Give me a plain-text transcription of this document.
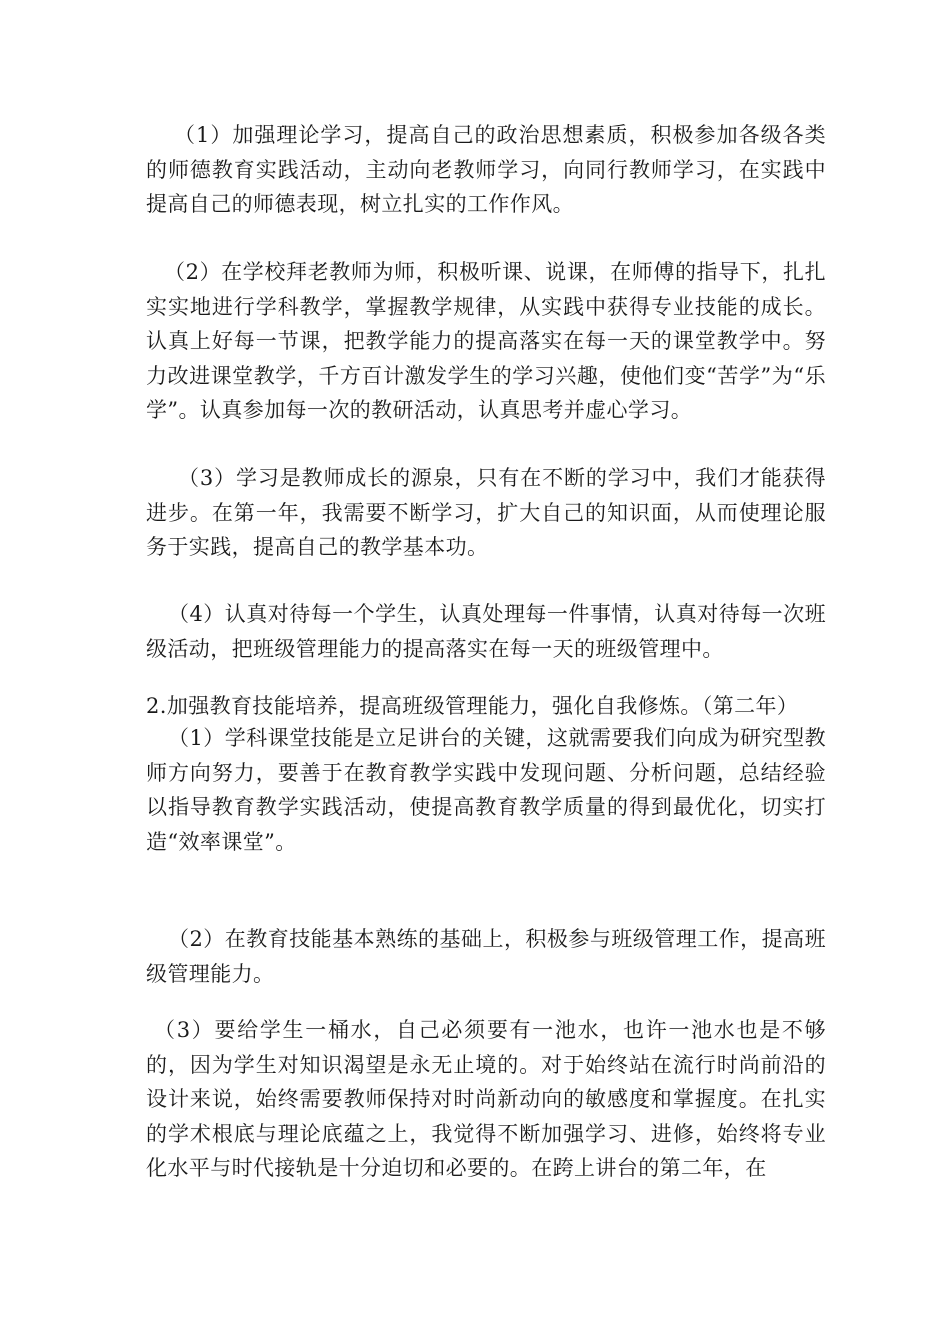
（1）加强理论学习，提高自己的政治思想素质，积极参加各级各类的师德教育实践活动，主动向老教师学习，向同行教师学习，在实践中提高自己的师德表现，树立扎实的工作作风。

（2）在学校拜老教师为师，积极听课、说课，在师傅的指导下，扎扎实实地进行学科教学，掌握教学规律，从实践中获得专业技能的成长。认真上好每一节课，把教学能力的提高落实在每一天的课堂教学中。努力改进课堂教学，千方百计激发学生的学习兴趣，使他们变“苦学”为“乐学”。认真参加每一次的教研活动，认真思考并虚心学习。

（3）学习是教师成长的源泉，只有在不断的学习中，我们才能获得进步。在第一年，我需要不断学习，扩大自己的知识面，从而使理论服务于实践，提高自己的教学基本功。

（4）认真对待每一个学生，认真处理每一件事情，认真对待每一次班级活动，把班级管理能力的提高落实在每一天的班级管理中。

2.加强教育技能培养，提高班级管理能力，强化自我修炼。（第二年）

（1）学科课堂技能是立足讲台的关键，这就需要我们向成为研究型教师方向努力，要善于在教育教学实践中发现问题、分析问题，总结经验以指导教育教学实践活动，使提高教育教学质量的得到最优化，切实打造“效率课堂”。

（2）在教育技能基本熟练的基础上，积极参与班级管理工作，提高班级管理能力。

（3）要给学生一桶水，自己必须要有一池水，也许一池水也是不够的，因为学生对知识渴望是永无止境的。对于始终站在流行时尚前沿的设计来说，始终需要教师保持对时尚新动向的敏感度和掌握度。在扎实的学术根底与理论底蕴之上，我觉得不断加强学习、进修，始终将专业化水平与时代接轨是十分迫切和必要的。在跨上讲台的第二年，在
